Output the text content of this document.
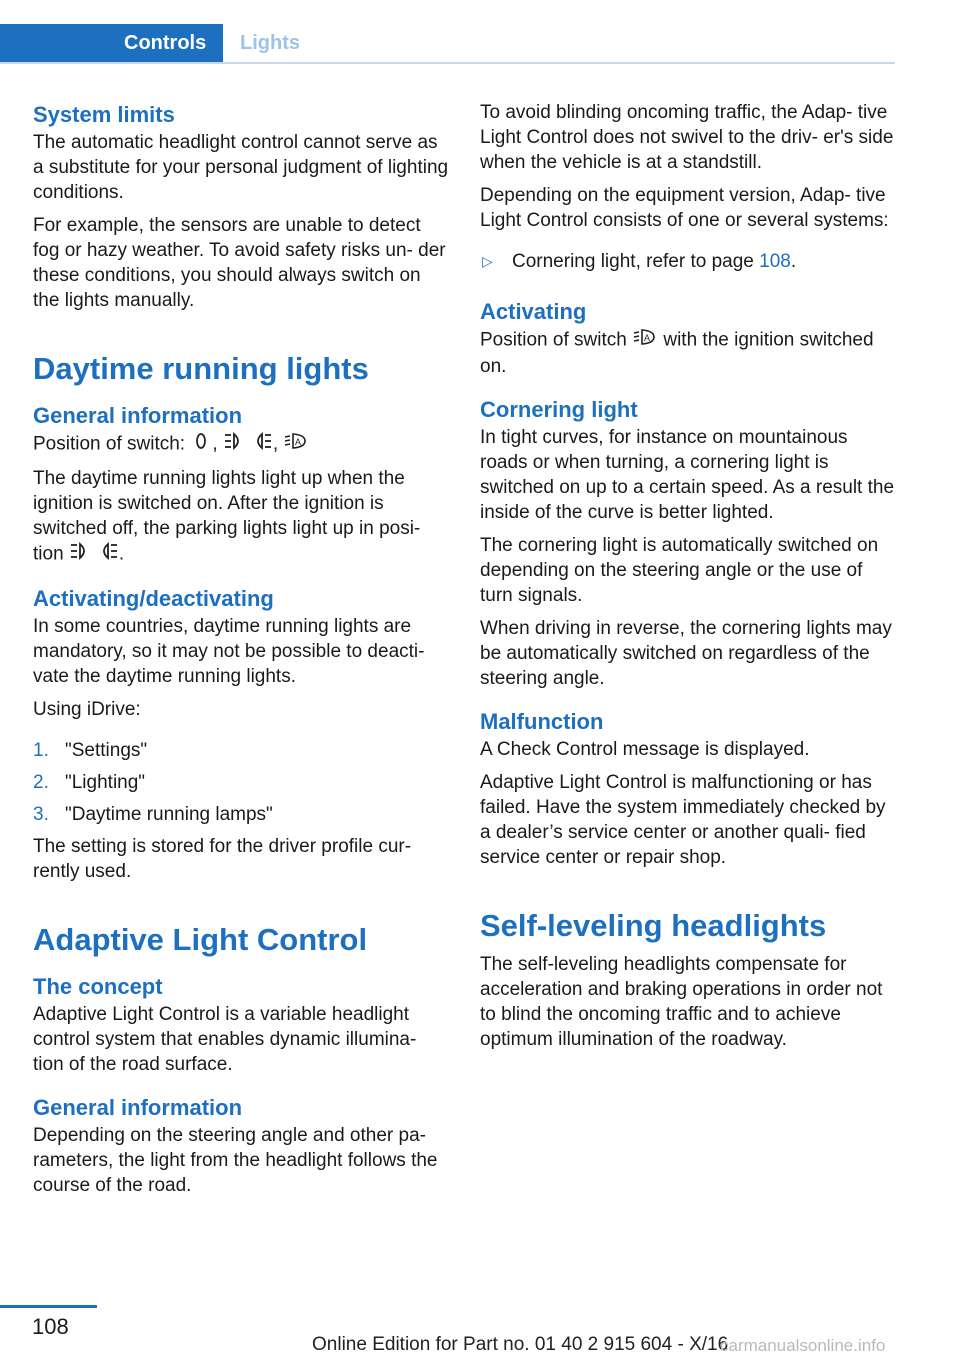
Controls	Lights
System limits

The automatic headlight control cannot serve as a substitute for your personal judgment of lighting conditions.

For example, the sensors are unable to detect fog or hazy weather. To avoid safety risks un- der these conditions, you should always switch on the lights manually.

Daytime running lights
General information

Position of switch: ,	, A

The daytime running lights light up when the ignition is switched on. After the ignition is switched off, the parking lights light up in posi- tion	.

Activating/deactivating

In some countries, daytime running lights are mandatory, so it may not be possible to deacti- vate the daytime running lights.

Using iDrive:

1. "Settings"
2. "Lighting"
3. "Daytime running lamps"

The setting is stored for the driver profile cur- rently used.

Adaptive Light Control
The concept

Adaptive Light Control is a variable headlight control system that enables dynamic illumina- tion of the road surface.

General information

Depending on the steering angle and other pa- rameters, the light from the headlight follows the course of the road.

To avoid blinding oncoming traffic, the Adap- tive Light Control does not swivel to the driv- er's side when the vehicle is at a standstill.

Depending on the equipment version, Adap- tive Light Control consists of one or several systems:

▷ Cornering light, refer to page 108.
Activating

Position of switch A with the ignition switched on.

Cornering light

In tight curves, for instance on mountainous roads or when turning, a cornering light is switched on up to a certain speed. As a result the inside of the curve is better lighted.

The cornering light is automatically switched on depending on the steering angle or the use of turn signals.

When driving in reverse, the cornering lights may be automatically switched on regardless of the steering angle.

Malfunction

A Check Control message is displayed.

Adaptive Light Control is malfunctioning or has failed. Have the system immediately checked by a dealer’s service center or another quali- fied service center or repair shop.

Self-leveling headlights

The self-leveling headlights compensate for acceleration and braking operations in order not to blind the oncoming traffic and to achieve optimum illumination of the roadway.

108
Online Edition for Part no. 01 40 2 915 604 - X/16
carmanualsonline.info
